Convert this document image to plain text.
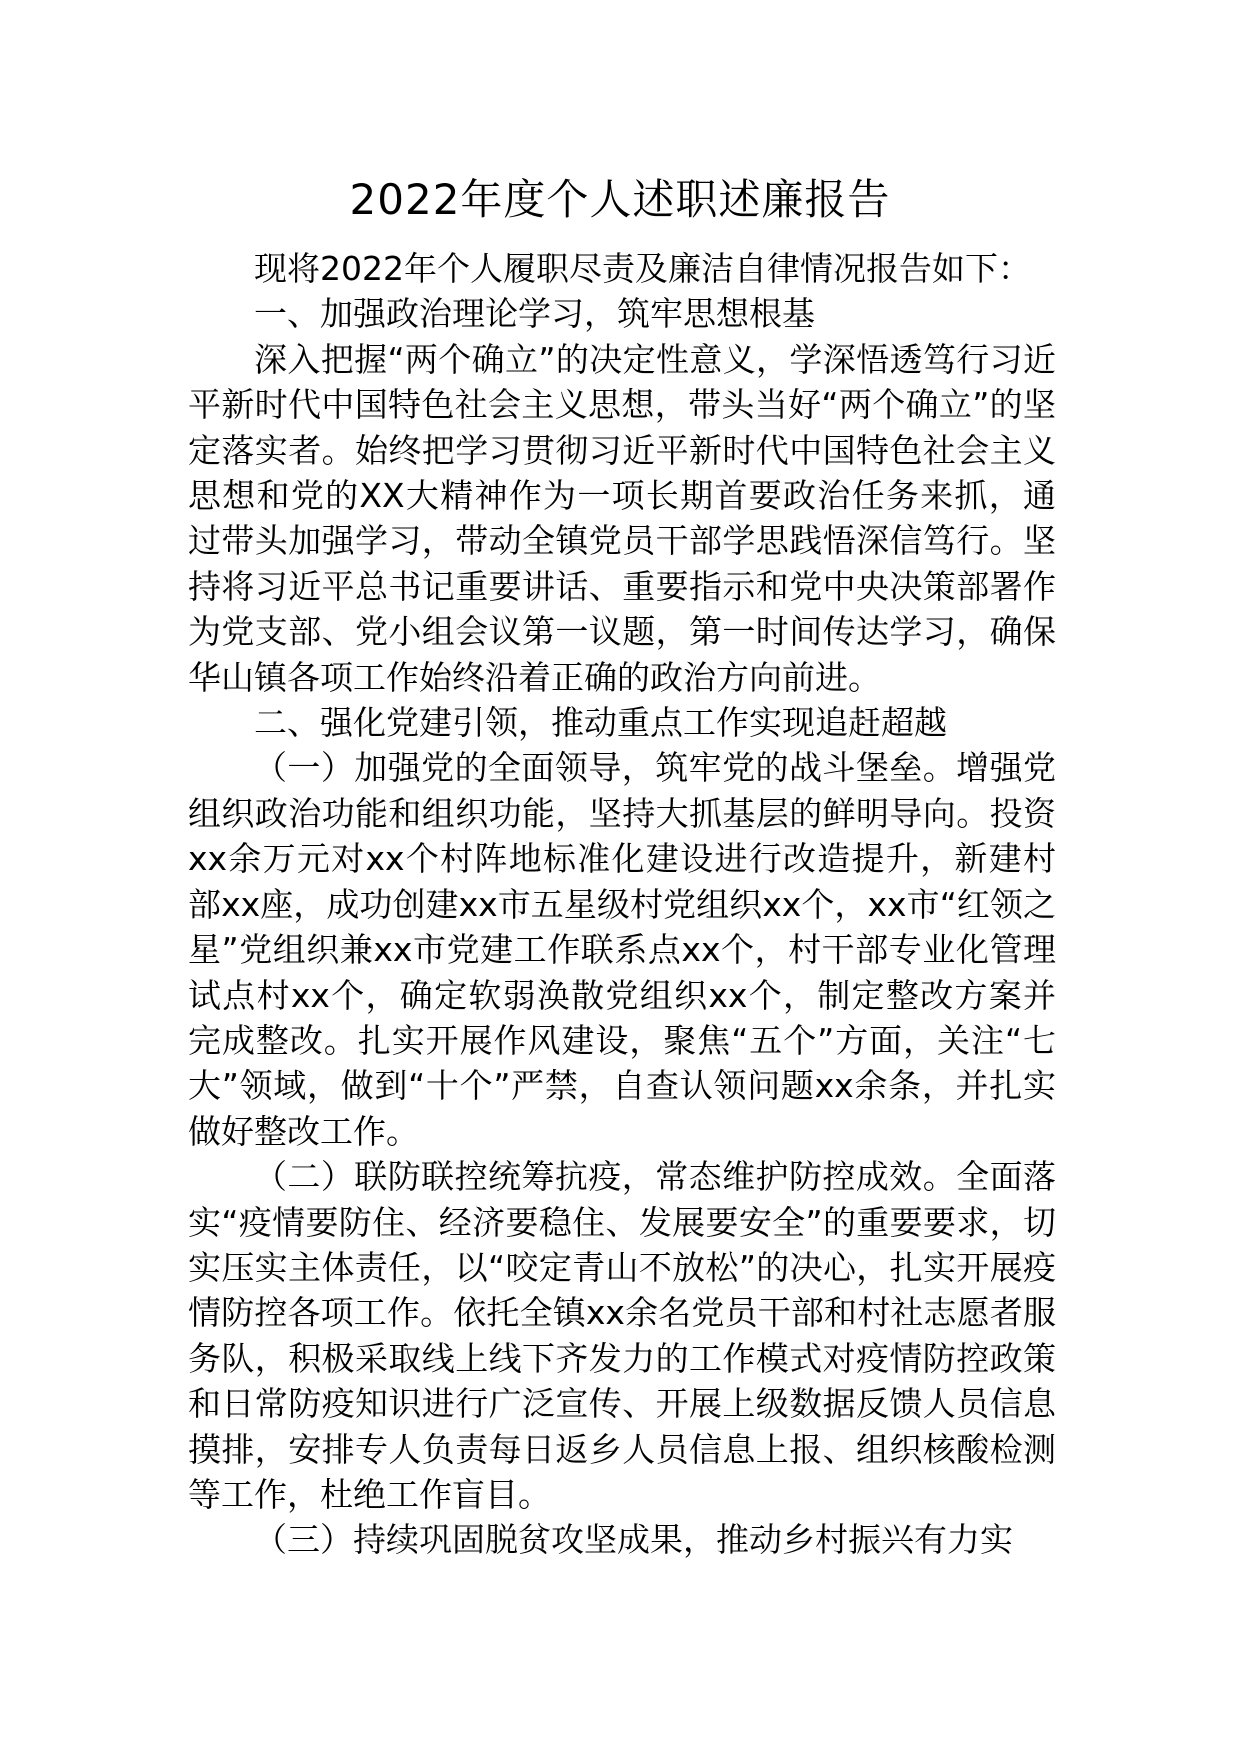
2022年度个人述职述廉报告

现将2022年个人履职尽责及廉洁自律情况报告如下：

一、加强政治理论学习，筑牢思想根基

深入把握“两个确立”的决定性意义，学深悟透笃行习近平新时代中国特色社会主义思想，带头当好“两个确立”的坚定落实者。始终把学习贯彻习近平新时代中国特色社会主义思想和党的XX大精神作为一项长期首要政治任务来抓，通过带头加强学习，带动全镇党员干部学思践悟深信笃行。坚持将习近平总书记重要讲话、重要指示和党中央决策部署作为党支部、党小组会议第一议题，第一时间传达学习，确保华山镇各项工作始终沿着正确的政治方向前进。

二、强化党建引领，推动重点工作实现追赶超越

（一）加强党的全面领导，筑牢党的战斗堡垒。增强党组织政治功能和组织功能，坚持大抓基层的鲜明导向。投资xx余万元对xx个村阵地标准化建设进行改造提升，新建村部xx座，成功创建xx市五星级村党组织xx个，xx市“红领之星”党组织兼xx市党建工作联系点xx个，村干部专业化管理试点村xx个，确定软弱涣散党组织xx个，制定整改方案并完成整改。扎实开展作风建设，聚焦“五个”方面，关注“七大”领域，做到“十个”严禁，自查认领问题xx余条，并扎实做好整改工作。

（二）联防联控统筹抗疫，常态维护防控成效。全面落实“疫情要防住、经济要稳住、发展要安全”的重要要求，切实压实主体责任，以“咬定青山不放松”的决心，扎实开展疫情防控各项工作。依托全镇xx余名党员干部和村社志愿者服务队，积极采取线上线下齐发力的工作模式对疫情防控政策和日常防疫知识进行广泛宣传、开展上级数据反馈人员信息摸排，安排专人负责每日返乡人员信息上报、组织核酸检测等工作，杜绝工作盲目。

（三）持续巩固脱贫攻坚成果，推动乡村振兴有力实
